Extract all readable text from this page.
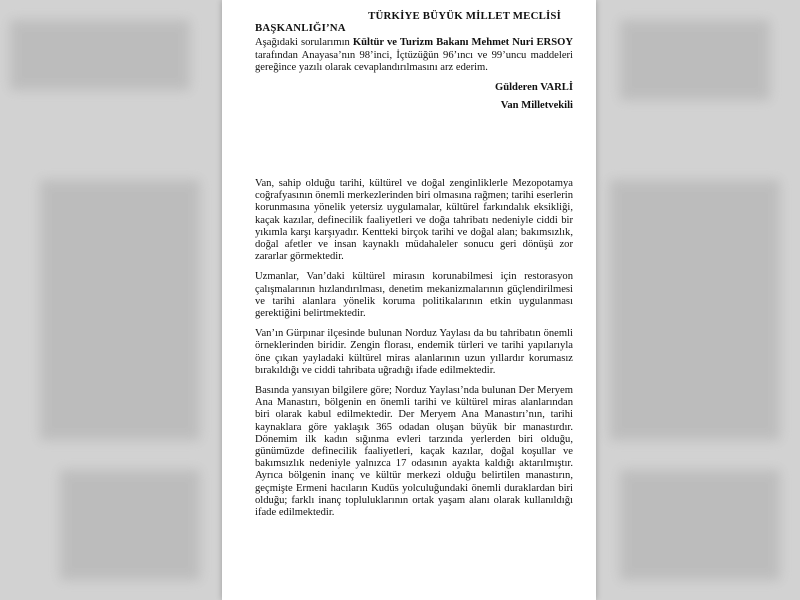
TÜRKİYE BÜYÜK MİLLET MECLİSİ
BAŞKANLIĞI’NA

Aşağıdaki sorularımın Kültür ve Turizm Bakanı Mehmet Nuri ERSOY tarafından Anayasa’nın 98’inci, İçtüzüğün 96’ıncı ve 99’uncu maddeleri gereğince yazılı olarak cevaplandırılmasını arz ederim.

Gülderen VARLİ

Van Milletvekili

Van, sahip olduğu tarihi, kültürel ve doğal zenginliklerle Mezopotamya coğrafyasının önemli merkezlerinden biri olmasına rağmen; tarihi eserlerin korunmasına yönelik yetersiz uygulamalar, kültürel farkındalık eksikliği, kaçak kazılar, definecilik faaliyetleri ve doğa tahribatı nedeniyle ciddi bir yıkımla karşı karşıyadır. Kentteki birçok tarihi ve doğal alan; bakımsızlık, doğal afetler ve insan kaynaklı müdahaleler sonucu geri dönüşü zor zararlar görmektedir.

Uzmanlar, Van’daki kültürel mirasın korunabilmesi için restorasyon çalışmalarının hızlandırılması, denetim mekanizmalarının güçlendirilmesi ve tarihi alanlara yönelik koruma politikalarının etkin uygulanması gerektiğini belirtmektedir.

Van’ın Gürpınar ilçesinde bulunan Norduz Yaylası da bu tahribatın önemli örneklerinden biridir. Zengin florası, endemik türleri ve tarihi yapılarıyla öne çıkan yayladaki kültürel miras alanlarının uzun yıllardır korumasız bırakıldığı ve ciddi tahribata uğradığı ifade edilmektedir.

Basında yansıyan bilgilere göre; Norduz Yaylası’nda bulunan Der Meryem Ana Manastırı, bölgenin en önemli tarihi ve kültürel miras alanlarından biri olarak kabul edilmektedir. Der Meryem Ana Manastırı’nın, tarihi kaynaklara göre yaklaşık 365 odadan oluşan büyük bir manastırdır. Dönemim ilk kadın sığınma evleri tarzında yerlerden biri olduğu, günümüzde definecilik faaliyetleri, kaçak kazılar, doğal koşullar ve bakımsızlık nedeniyle yalnızca 17 odasının ayakta kaldığı aktarılmıştır. Ayrıca bölgenin inanç ve kültür merkezi olduğu belirtilen manastırın, geçmişte Ermeni hacıların Kudüs yolculuğundaki önemli duraklardan biri olduğu; farklı inanç topluluklarının ortak yaşam alanı olarak kullanıldığı ifade edilmektedir.
